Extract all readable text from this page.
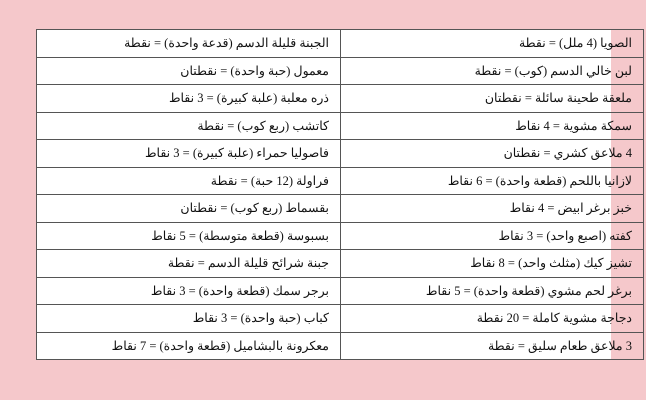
الصويا (4 ملل) = نقطة	الجبنة قليلة الدسم (قدعة واحدة) = نقطة
لبن خالي الدسم (كوب) = نقطة	معمول (حبة واحدة) = نقطتان
ملعقة طحينة سائلة = نقطتان	ذره معلبة (علبة كبيرة) = 3 نقاط
سمكة مشوية = 4 نقاط	كاتشب (ربع كوب) = نقطة
4 ملاعق كشري = نقطتان	فاصوليا حمراء (علبة كبيرة) = 3 نقاط
لازانيا باللحم (قطعة واحدة) = 6 نقاط	فراولة (12 حبة) = نقطة
خبز برغر ابيض = 4 نقاط	بقسماط (ربع كوب) = نقطتان
كفته (اصبع واحد) = 3 نقاط	بسبوسة (قطعة متوسطة) = 5 نقاط
تشيز كيك (مثلث واحد) = 8 نقاط	جبنة شرائح قليلة الدسم = نقطة
برغر لحم مشوي (قطعة واحدة) = 5 نقاط	برجر سمك (قطعة واحدة) = 3 نقاط
دجاجة مشوية كاملة = 20 نقطة	كباب (حبة واحدة) = 3 نقاط
3 ملاعق طعام سليق = نقطة	معكرونة بالبشاميل (قطعة واحدة) = 7 نقاط
